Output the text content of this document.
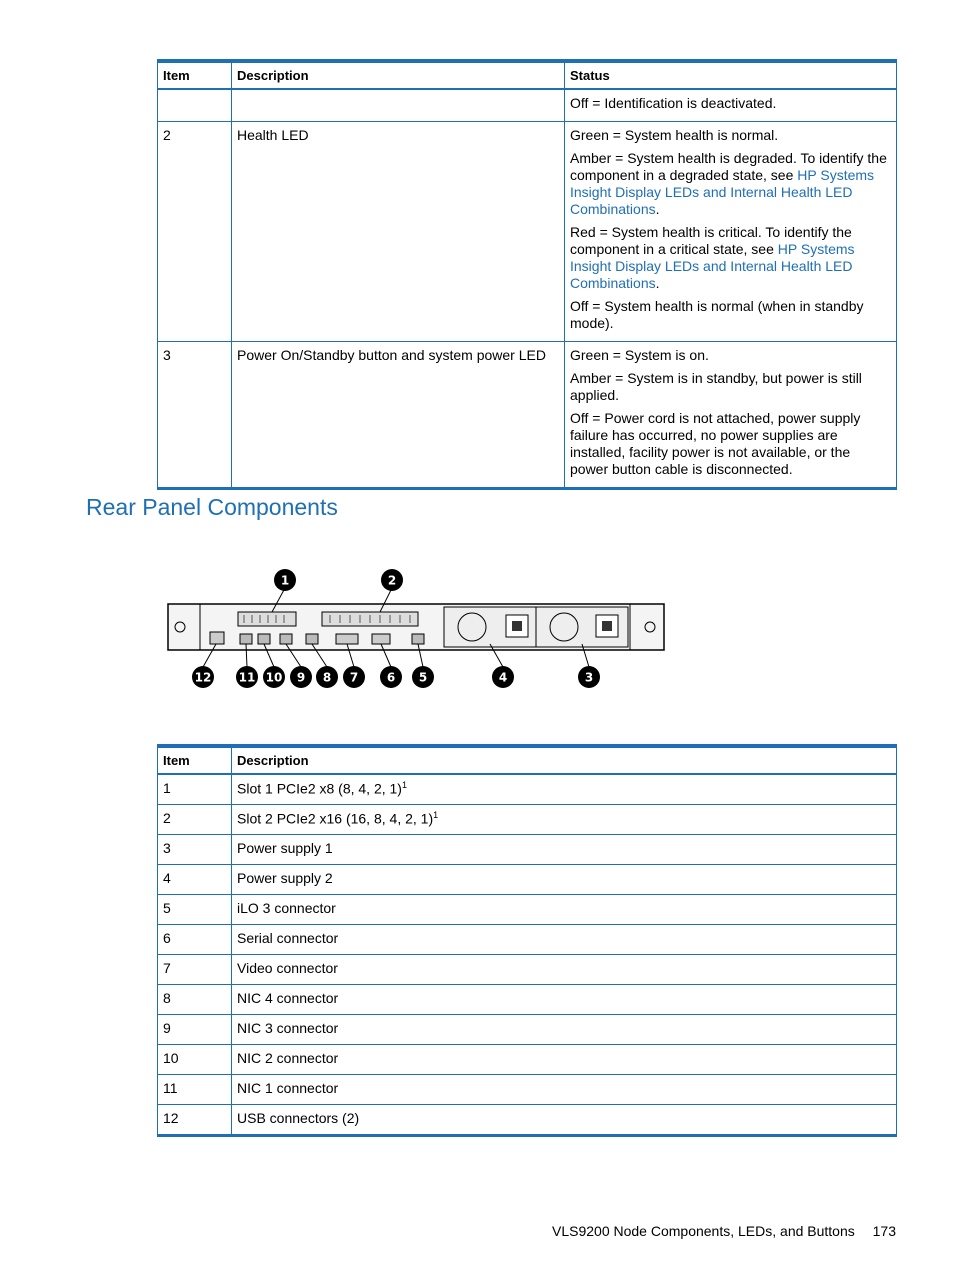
Item	Description	Status

		Off = Identification is deactivated.

2	Health LED	Green = System health is normal.

Amber = System health is degraded. To identify the component in a degraded state, see HP Systems Insight Display LEDs and Internal Health LED Combinations.

Red = System health is critical. To identify the component in a critical state, see HP Systems Insight Display LEDs and Internal Health LED Combinations.

Off = System health is normal (when in standby mode).

3	Power On/Standby button and system power LED	Green = System is on.

Amber = System is in standby, but power is still applied.

Off = Power cord is not attached, power supply failure has occurred, no power supplies are installed, facility power is not available, or the power button cable is disconnected.

Rear Panel Components
1	2
12 11 10 9 8 7 6 5	4	3
Item	Description
1	Slot 1 PCIe2 x8 (8, 4, 2, 1)$^1$
2	Slot 2 PCIe2 x16 (16, 8, 4, 2, 1)$^1$
3	Power supply 1
4	Power supply 2
5	iLO 3 connector
6	Serial connector
7	Video connector
8	NIC 4 connector
9	NIC 3 connector
10	NIC 2 connector
11	NIC 1 connector
12	USB connectors (2)
VLS9200 Node Components, LEDs, and Buttons 173
